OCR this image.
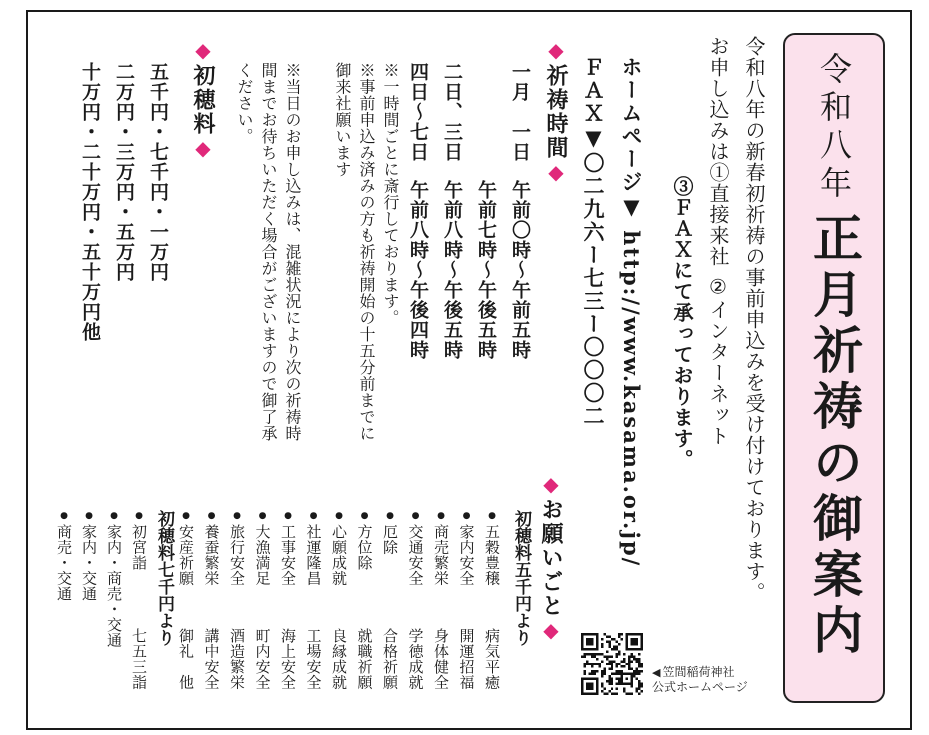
令和八年
正月祈祷の御案内
令和八年の新春初祈祷の事前申込みを受け付けております。
お申し込みは①直接来社 ②インターネット
③ＦＡＸにて承っております。
ホームページ▼ http://www.kasama.or.jp/
ＦＡＸ▼〇二九六ー七三ー〇〇〇二
◆祈祷時間◆
一月　一日
午前〇時～午前五時
午前七時～午後五時
二日、三日
午前八時～午後五時
四日～七日
午前八時～午後四時
※一時間ごとに斎行しております。
※事前申込み済みの方も祈祷開始の十五分前までに
御来社願います
※当日のお申し込みは、混雑状況により次の祈祷時
間までお待ちいただく場合がございますので御了承
ください。
◆初穂料◆
五千円・七千円・一万円
二万円・三万円・五万円
十万円・二十万円・五十万円他
◆お願いごと◆
初穂料五千円より
五穀豊穣
病気平癒
●
家内安全
開運招福
●
商売繁栄
身体健全
●
交通安全
学徳成就
●
厄除
合格祈願
●
方位除
就職祈願
●
心願成就
良縁成就
●
社運隆昌
工場安全
●
工事安全
海上安全
●
大漁満足
町内安全
●
旅行安全
酒造繁栄
●
養蚕繁栄
講中安全
●
安産祈願
御礼　他
●
初穂料七千円より
初宮詣
七五三詣
●
家内・商売・交通
●
家内・交通
●
商売・交通
●
◀ 笠間稲荷神社
公式ホームページ
